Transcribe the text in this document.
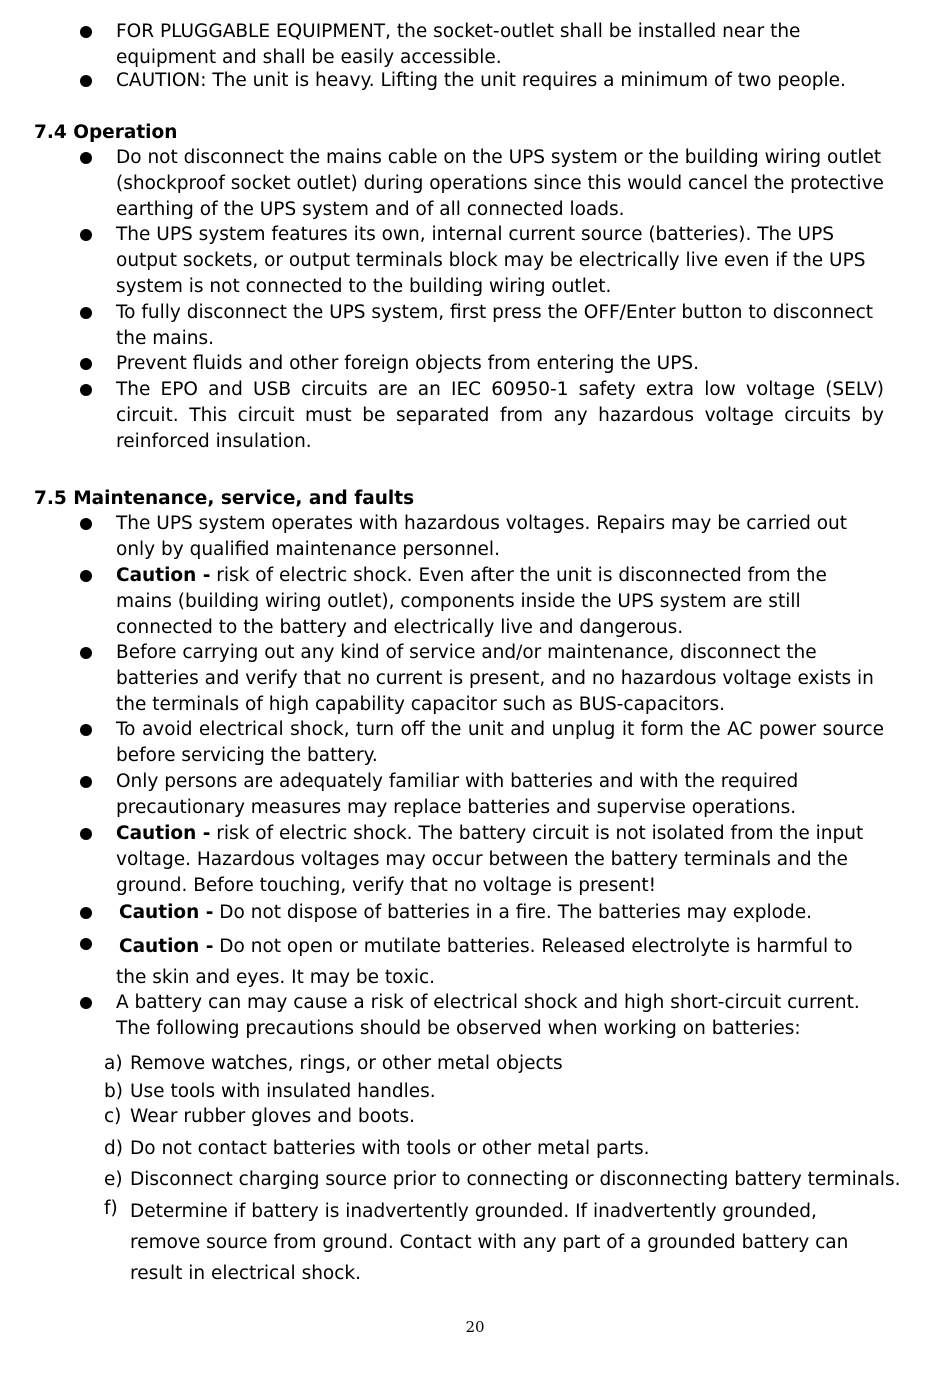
FOR PLUGGABLE EQUIPMENT, the socket-outlet shall be installed near the equipment and shall be easily accessible.

CAUTION: The unit is heavy. Lifting the unit requires a minimum of two people.

7.4 Operation

Do not disconnect the mains cable on the UPS system or the building wiring outlet (shockproof socket outlet) during operations since this would cancel the protective earthing of the UPS system and of all connected loads.

The UPS system features its own, internal current source (batteries). The UPS output sockets, or output terminals block may be electrically live even if the UPS system is not connected to the building wiring outlet.

To fully disconnect the UPS system, first press the OFF/Enter button to disconnect the mains.

Prevent fluids and other foreign objects from entering the UPS.

The EPO and USB circuits are an IEC 60950-1 safety extra low voltage (SELV) circuit. This circuit must be separated from any hazardous voltage circuits by reinforced insulation.

7.5 Maintenance, service, and faults

The UPS system operates with hazardous voltages. Repairs may be carried out only by qualified maintenance personnel.

Caution - risk of electric shock. Even after the unit is disconnected from the mains (building wiring outlet), components inside the UPS system are still connected to the battery and electrically live and dangerous.

Before carrying out any kind of service and/or maintenance, disconnect the batteries and verify that no current is present, and no hazardous voltage exists in the terminals of high capability capacitor such as BUS-capacitors.

To avoid electrical shock, turn off the unit and unplug it form the AC power source before servicing the battery.

Only persons are adequately familiar with batteries and with the required precautionary measures may replace batteries and supervise operations.

Caution - risk of electric shock. The battery circuit is not isolated from the input voltage. Hazardous voltages may occur between the battery terminals and the ground. Before touching, verify that no voltage is present!

Caution - Do not dispose of batteries in a fire. The batteries may explode.

Caution - Do not open or mutilate batteries. Released electrolyte is harmful to the skin and eyes. It may be toxic.

A battery can may cause a risk of electrical shock and high short-circuit current. The following precautions should be observed when working on batteries:

a) Remove watches, rings, or other metal objects

b) Use tools with insulated handles.

c) Wear rubber gloves and boots.

d) Do not contact batteries with tools or other metal parts.

e) Disconnect charging source prior to connecting or disconnecting battery terminals.

f) Determine if battery is inadvertently grounded. If inadvertently grounded, remove source from ground. Contact with any part of a grounded battery can result in electrical shock.

20
